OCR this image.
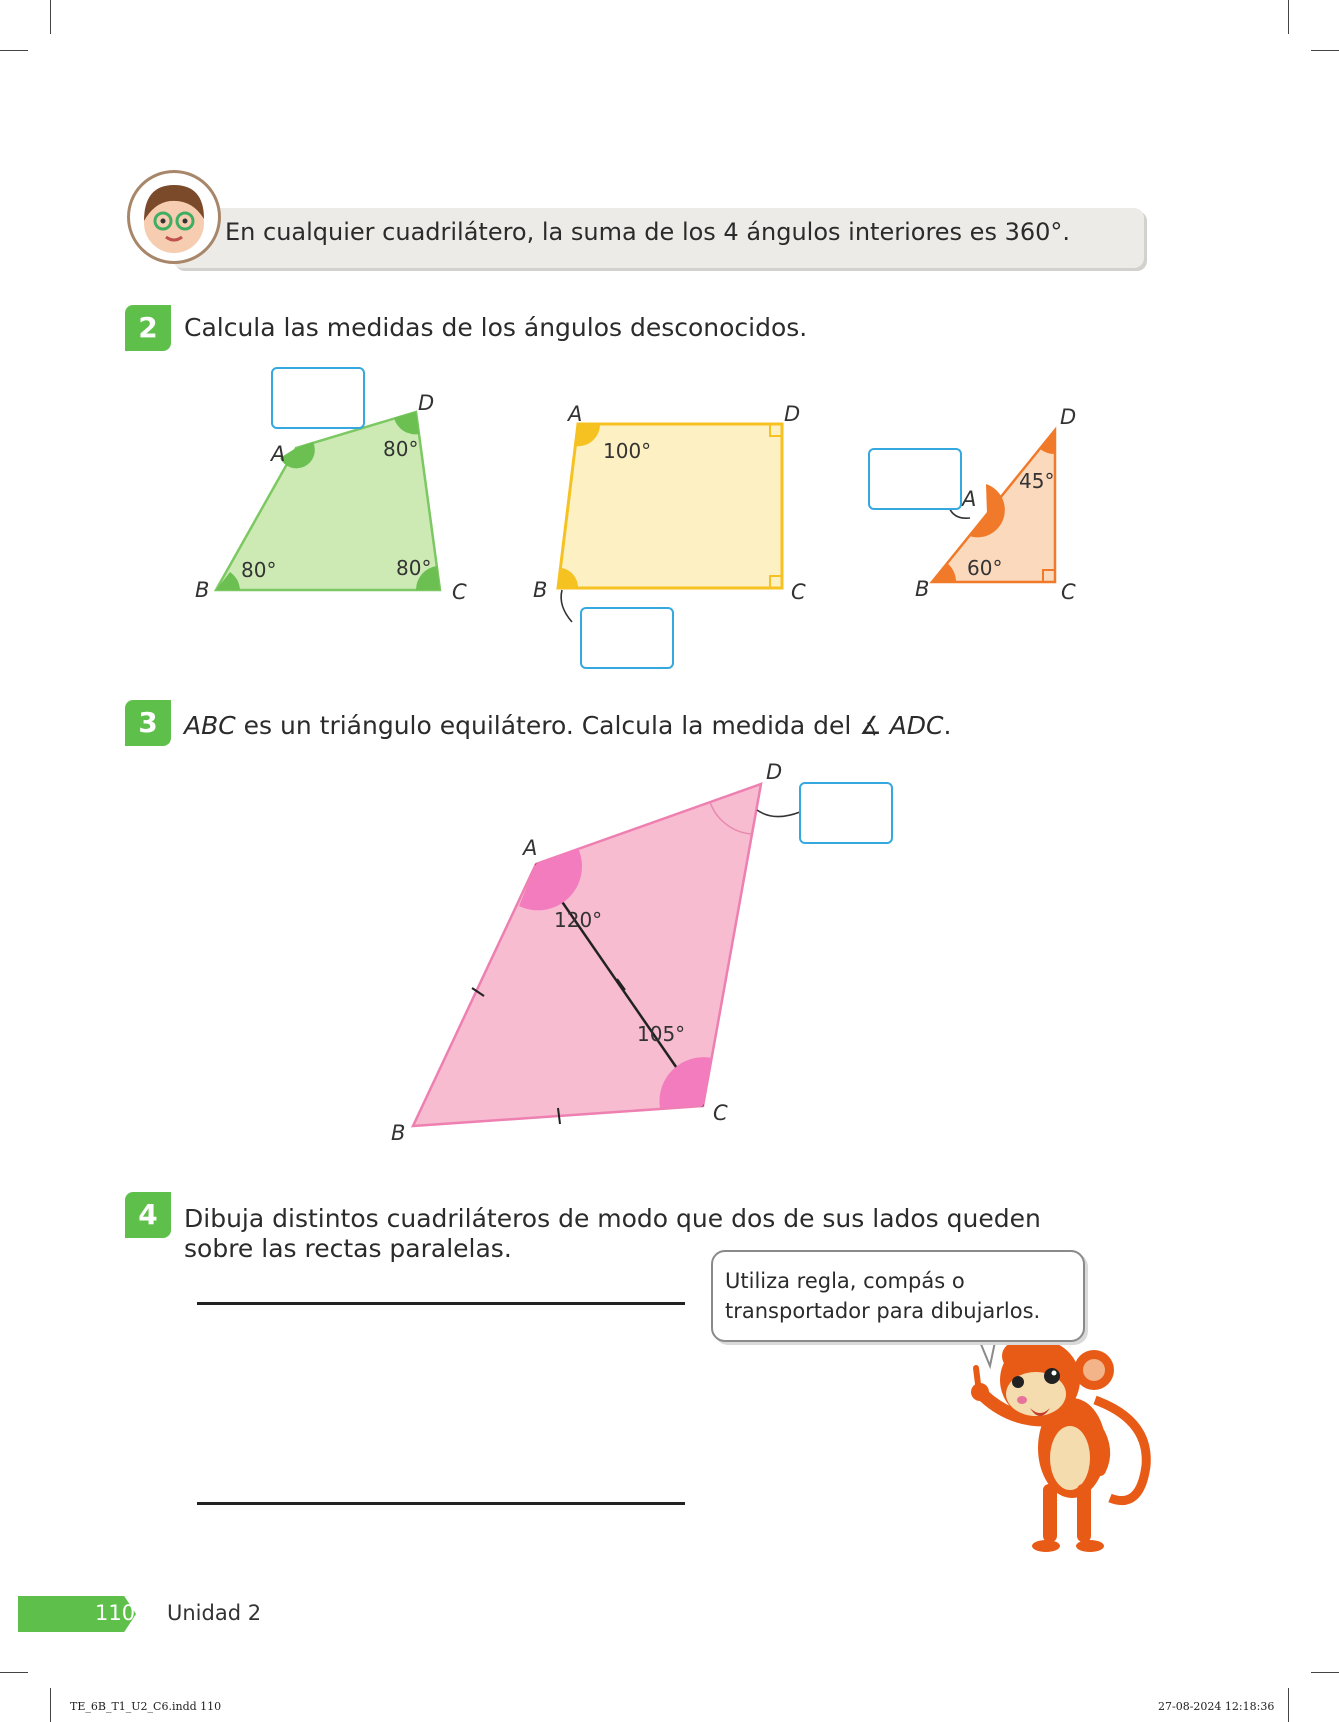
En cualquier cuadrilátero, la suma de los 4 ángulos interiores es 360°.
2	Calcula las medidas de los ángulos desconocidos.
D
A
B	C
80°
80°	80°
A	D
B	C
100°
D
A
B	C
45°
60°
3	ABC es un triángulo equilátero. Calcula la medida del ∡ ADC.
D
A
B
C
120°
105°
4	Dibuja distintos cuadriláteros de modo que dos de sus lados queden
sobre las rectas paralelas.
Utiliza regla, compás o
transportador para dibujarlos.
110 Unidad 2
TE_6B_T1_U2_C6.indd 110	27-08-2024 12:18:36
